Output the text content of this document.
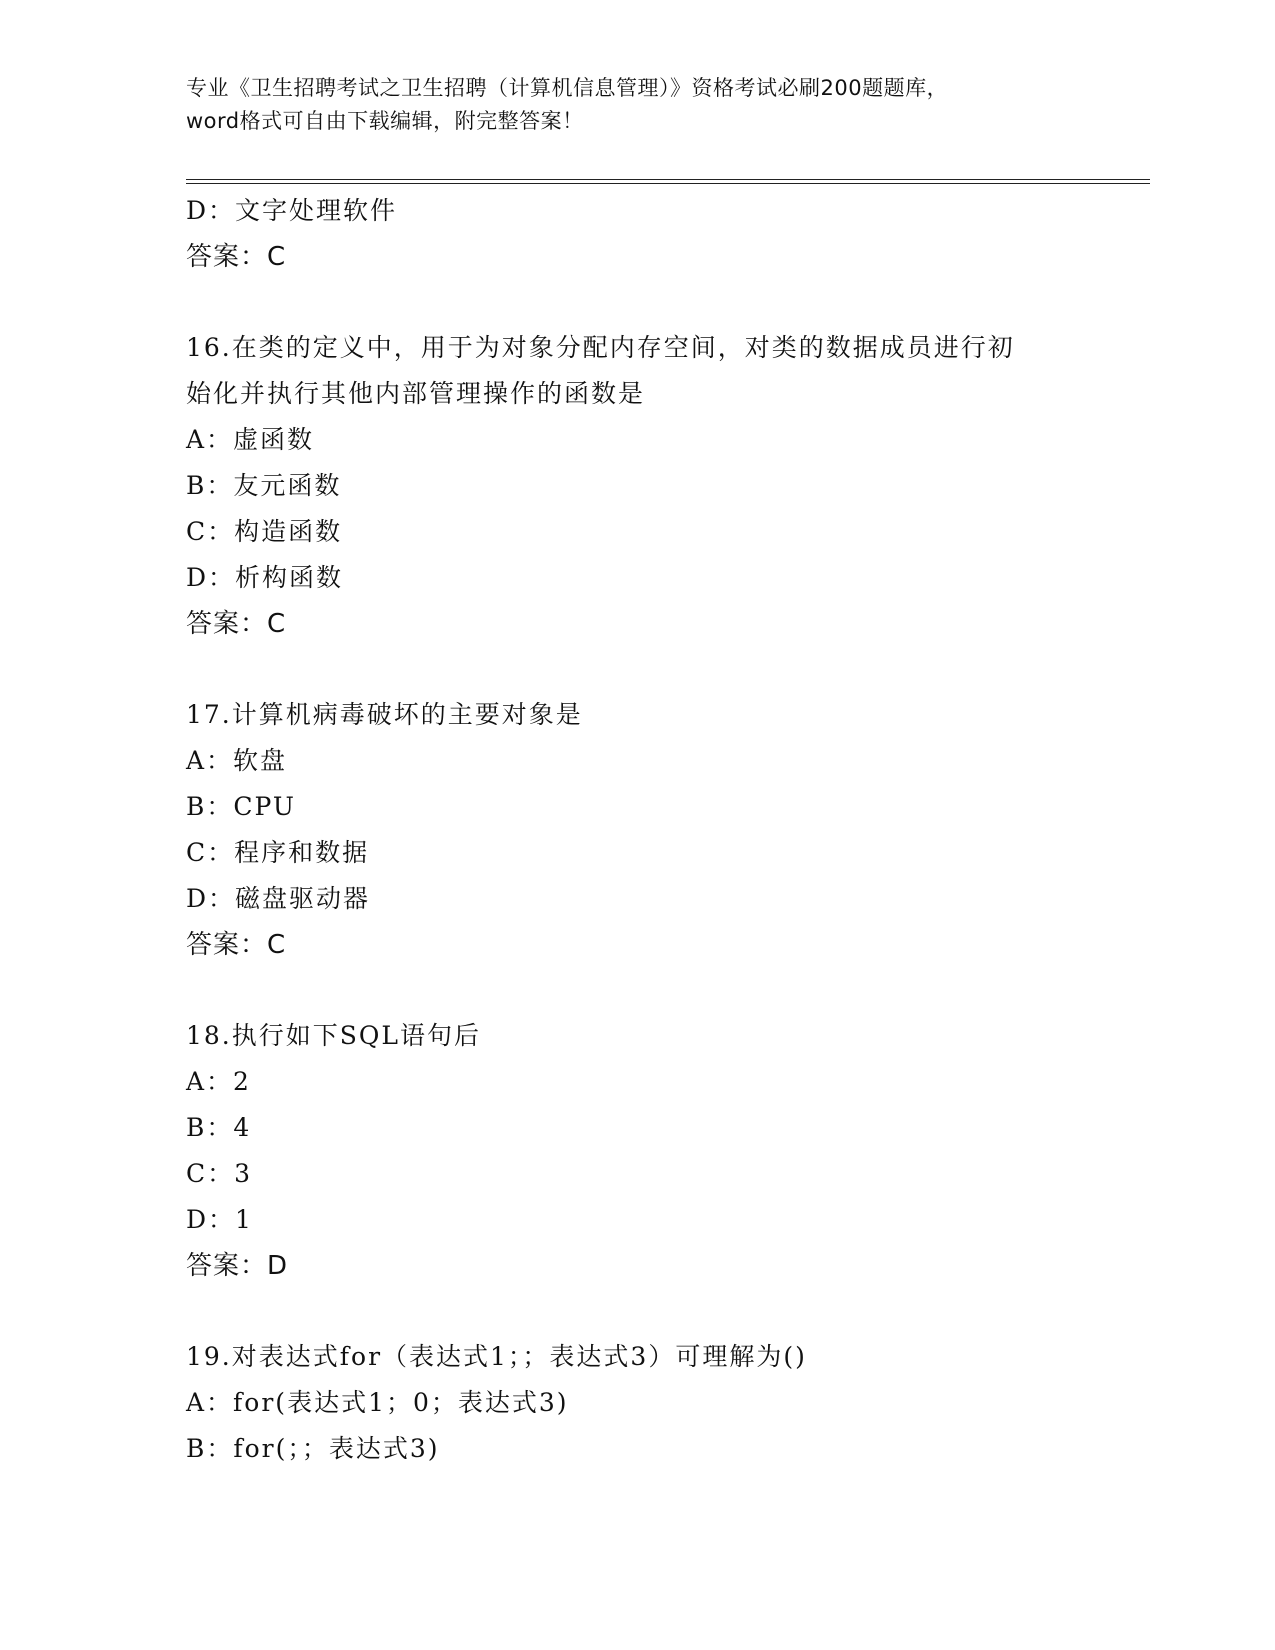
专业《卫生招聘考试之卫生招聘（计算机信息管理）》资格考试必刷200题题库，
word格式可自由下载编辑，附完整答案！
D：文字处理软件
答案：C
16.在类的定义中，用于为对象分配内存空间，对类的数据成员进行初
始化并执行其他内部管理操作的函数是
A：虚函数
B：友元函数
C：构造函数
D：析构函数
答案：C
17.计算机病毒破坏的主要对象是
A：软盘
B：CPU
C：程序和数据
D：磁盘驱动器
答案：C
18.执行如下SQL语句后
A：2
B：4
C：3
D：1
答案：D
19.对表达式for（表达式1；；表达式3）可理解为()
A：for(表达式1；0；表达式3)
B：for(；；表达式3)
